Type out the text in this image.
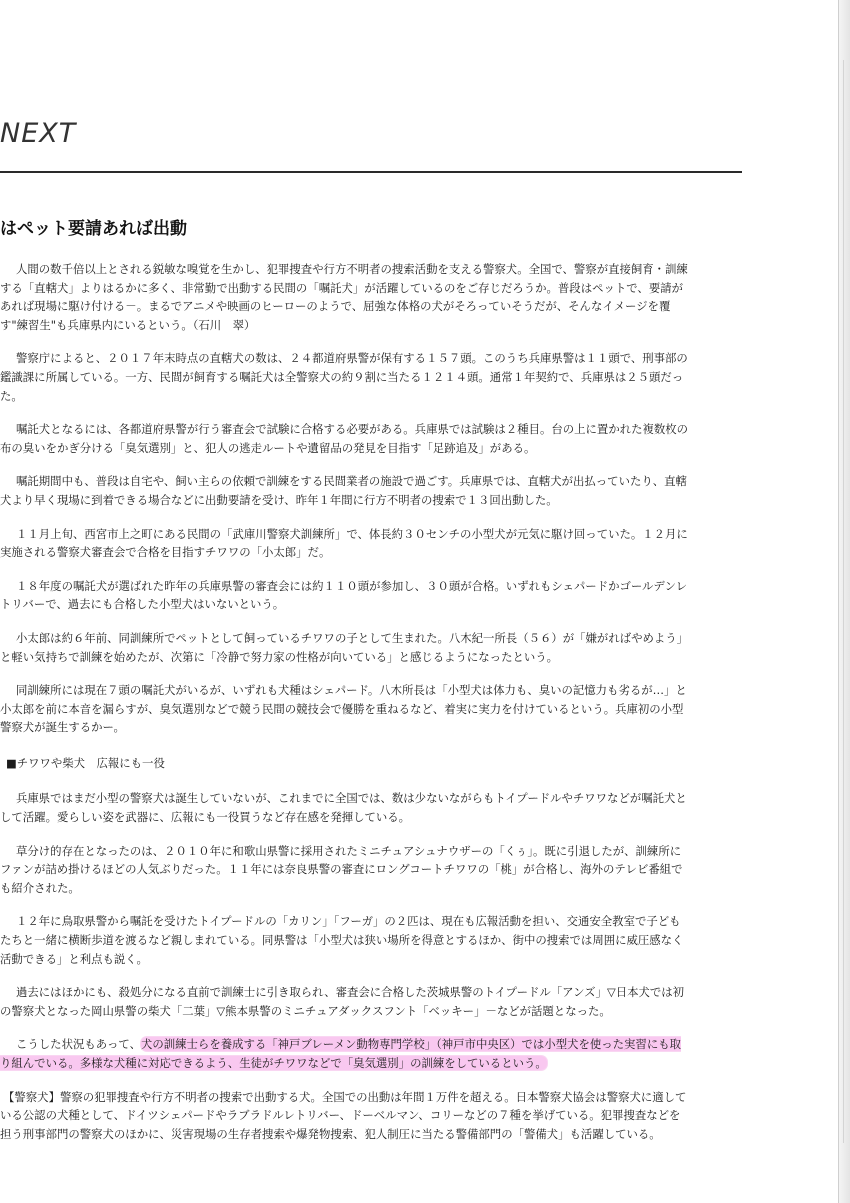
NEXT
はペット要請あれば出動

人間の数千倍以上とされる鋭敏な嗅覚を生かし、犯罪捜査や行方不明者の捜索活動を支える警察犬。全国で、警察が直接飼育・訓練
する「直轄犬」よりはるかに多く、非常勤で出動する民間の「嘱託犬」が活躍しているのをご存じだろうか。普段はペットで、要請が
あれば現場に駆け付ける－。まるでアニメや映画のヒーローのようで、屈強な体格の犬がそろっていそうだが、そんなイメージを覆
す"練習生"も兵庫県内にいるという。（石川　翠）

警察庁によると、２０１７年末時点の直轄犬の数は、２４都道府県警が保有する１５７頭。このうち兵庫県警は１１頭で、刑事部の
鑑識課に所属している。一方、民間が飼育する嘱託犬は全警察犬の約９割に当たる１２１４頭。通常１年契約で、兵庫県は２５頭だっ
た。

嘱託犬となるには、各都道府県警が行う審査会で試験に合格する必要がある。兵庫県では試験は２種目。台の上に置かれた複数枚の
布の臭いをかぎ分ける「臭気選別」と、犯人の逃走ルートや遺留品の発見を目指す「足跡追及」がある。

嘱託期間中も、普段は自宅や、飼い主らの依頼で訓練をする民間業者の施設で過ごす。兵庫県では、直轄犬が出払っていたり、直轄
犬より早く現場に到着できる場合などに出動要請を受け、昨年１年間に行方不明者の捜索で１３回出動した。

１１月上旬、西宮市上之町にある民間の「武庫川警察犬訓練所」で、体長約３０センチの小型犬が元気に駆け回っていた。１２月に
実施される警察犬審査会で合格を目指すチワワの「小太郎」だ。

１８年度の嘱託犬が選ばれた昨年の兵庫県警の審査会には約１１０頭が参加し、３０頭が合格。いずれもシェパードかゴールデンレ
トリバーで、過去にも合格した小型犬はいないという。

小太郎は約６年前、同訓練所でペットとして飼っているチワワの子として生まれた。八木紀一所長（５６）が「嫌がればやめよう」
と軽い気持ちで訓練を始めたが、次第に「冷静で努力家の性格が向いている」と感じるようになったという。

同訓練所には現在７頭の嘱託犬がいるが、いずれも犬種はシェパード。八木所長は「小型犬は体力も、臭いの記憶力も劣るが…」と
小太郎を前に本音を漏らすが、臭気選別などで競う民間の競技会で優勝を重ねるなど、着実に実力を付けているという。兵庫初の小型
警察犬が誕生するかー。

■チワワや柴犬　広報にも一役

兵庫県ではまだ小型の警察犬は誕生していないが、これまでに全国では、数は少ないながらもトイプードルやチワワなどが嘱託犬と
して活躍。愛らしい姿を武器に、広報にも一役買うなど存在感を発揮している。

草分け的存在となったのは、２０１０年に和歌山県警に採用されたミニチュアシュナウザーの「くぅ」。既に引退したが、訓練所に
ファンが詰め掛けるほどの人気ぶりだった。１１年には奈良県警の審査にロングコートチワワの「桃」が合格し、海外のテレビ番組で
も紹介された。

１２年に鳥取県警から嘱託を受けたトイプードルの「カリン」「フーガ」の２匹は、現在も広報活動を担い、交通安全教室で子ども
たちと一緒に横断歩道を渡るなど親しまれている。同県警は「小型犬は狭い場所を得意とするほか、街中の捜索では周囲に威圧感なく
活動できる」と利点も説く。

過去にはほかにも、殺処分になる直前で訓練士に引き取られ、審査会に合格した茨城県警のトイプードル「アンズ」▽日本犬では初
の警察犬となった岡山県警の柴犬「二葉」▽熊本県警のミニチュアダックスフント「ベッキー」－などが話題となった。

こうした状況もあって、犬の訓練士らを養成する「神戸ブレーメン動物専門学校」（神戸市中央区）では小型犬を使った実習にも取
り組んでいる。多様な犬種に対応できるよう、生徒がチワワなどで「臭気選別」の訓練をしているという。

【警察犬】警察の犯罪捜査や行方不明者の捜索で出動する犬。全国での出動は年間１万件を超える。日本警察犬協会は警察犬に適して
いる公認の犬種として、ドイツシェパードやラブラドルレトリバー、ドーベルマン、コリーなどの７種を挙げている。犯罪捜査などを
担う刑事部門の警察犬のほかに、災害現場の生存者捜索や爆発物捜索、犯人制圧に当たる警備部門の「警備犬」も活躍している。
